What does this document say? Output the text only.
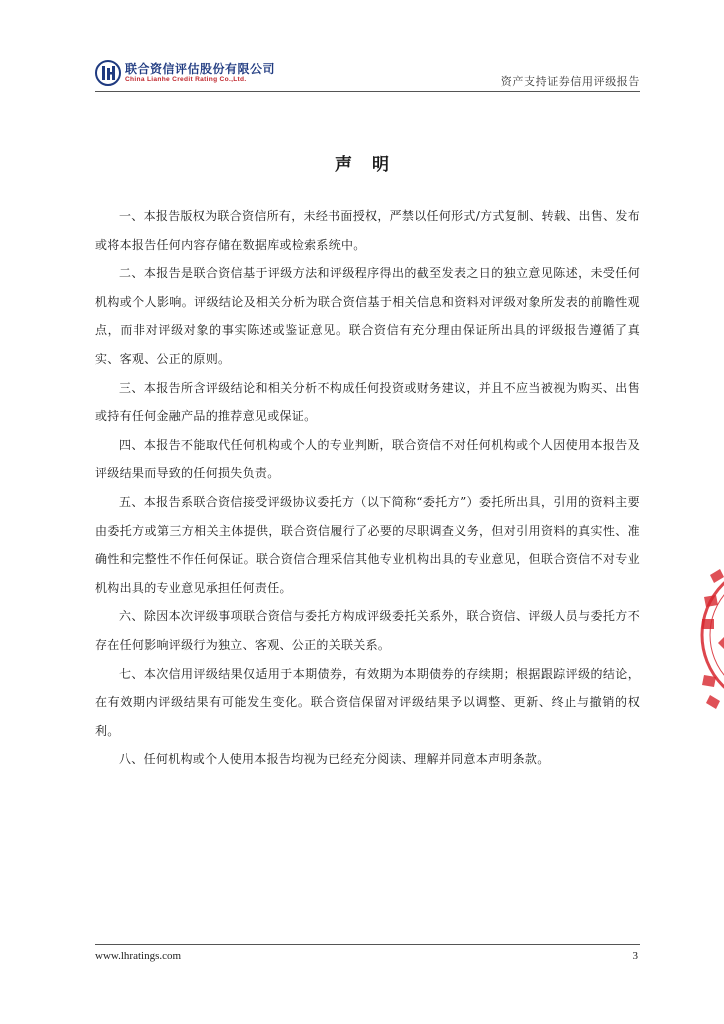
联合资信评估股份有限公司
China Lianhe Credit Rating Co.,Ltd.	资产支持证券信用评级报告
声明

一、本报告版权为联合资信所有，未经书面授权，严禁以任何形式/方式复制、转载、出售、发布或将本报告任何内容存储在数据库或检索系统中。

二、本报告是联合资信基于评级方法和评级程序得出的截至发表之日的独立意见陈述，未受任何机构或个人影响。评级结论及相关分析为联合资信基于相关信息和资料对评级对象所发表的前瞻性观点，而非对评级对象的事实陈述或鉴证意见。联合资信有充分理由保证所出具的评级报告遵循了真实、客观、公正的原则。

三、本报告所含评级结论和相关分析不构成任何投资或财务建议，并且不应当被视为购买、出售或持有任何金融产品的推荐意见或保证。

四、本报告不能取代任何机构或个人的专业判断，联合资信不对任何机构或个人因使用本报告及评级结果而导致的任何损失负责。

五、本报告系联合资信接受评级协议委托方（以下简称“委托方”）委托所出具，引用的资料主要由委托方或第三方相关主体提供，联合资信履行了必要的尽职调查义务，但对引用资料的真实性、准确性和完整性不作任何保证。联合资信合理采信其他专业机构出具的专业意见，但联合资信不对专业机构出具的专业意见承担任何责任。

六、除因本次评级事项联合资信与委托方构成评级委托关系外，联合资信、评级人员与委托方不存在任何影响评级行为独立、客观、公正的关联关系。

七、本次信用评级结果仅适用于本期债券，有效期为本期债券的存续期；根据跟踪评级的结论，在有效期内评级结果有可能发生变化。联合资信保留对评级结果予以调整、更新、终止与撤销的权利。

八、任何机构或个人使用本报告均视为已经充分阅读、理解并同意本声明条款。

www.lhratings.com	3
